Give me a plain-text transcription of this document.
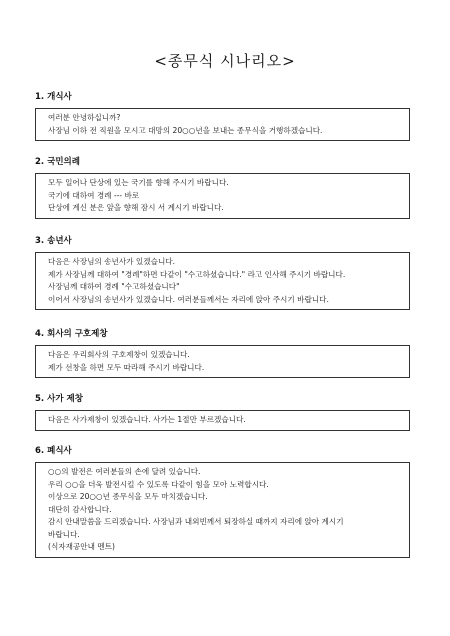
<종무식 시나리오>
1. 개식사

여러분 안녕하십니까?

사장님 이하 전 직원을 모시고 대망의 20○○년을 보내는 종무식을 거행하겠습니다.

2. 국민의례

모두 일어나 단상에 있는 국기를 향해 주시기 바랍니다.

국기에 대하여 경례 --- 바로

단상에 계신 분은 앞을 향해 잠시 서 계시기 바랍니다.

3. 송년사

다음은 사장님의 송년사가 있겠습니다.

제가 사장님께 대하여 "경례"하면 다같이 "수고하셨습니다." 라고 인사해 주시기 바랍니다.

사장님께 대하여 경례 "수고하셨습니다"

이어서 사장님의 송년사가 있겠습니다. 여러분들께서는 자리에 앉아 주시기 바랍니다.

4. 회사의 구호제창

다음은 우리회사의 구호제창이 있겠습니다.

제가 선창을 하면 모두 따라해 주시기 바랍니다.

5. 사가 제창

다음은 사가제창이 있겠습니다. 사가는 1절만 부르겠습니다.

6. 폐식사

○○의 발전은 여러분들의 손에 달려 있습니다.

우리 ○○을 더욱 발전시킬 수 있도록 다같이 힘을 모아 노력합시다.

이상으로 20○○년 종무식을 모두 마치겠습니다.

대단히 감사합니다.

감시 안내말씀을 드리겠습니다. 사장님과 내외빈께서 퇴장하실 때까지 자리에 앉아 계시기

바랍니다.

(식자재공안내 멘트)
